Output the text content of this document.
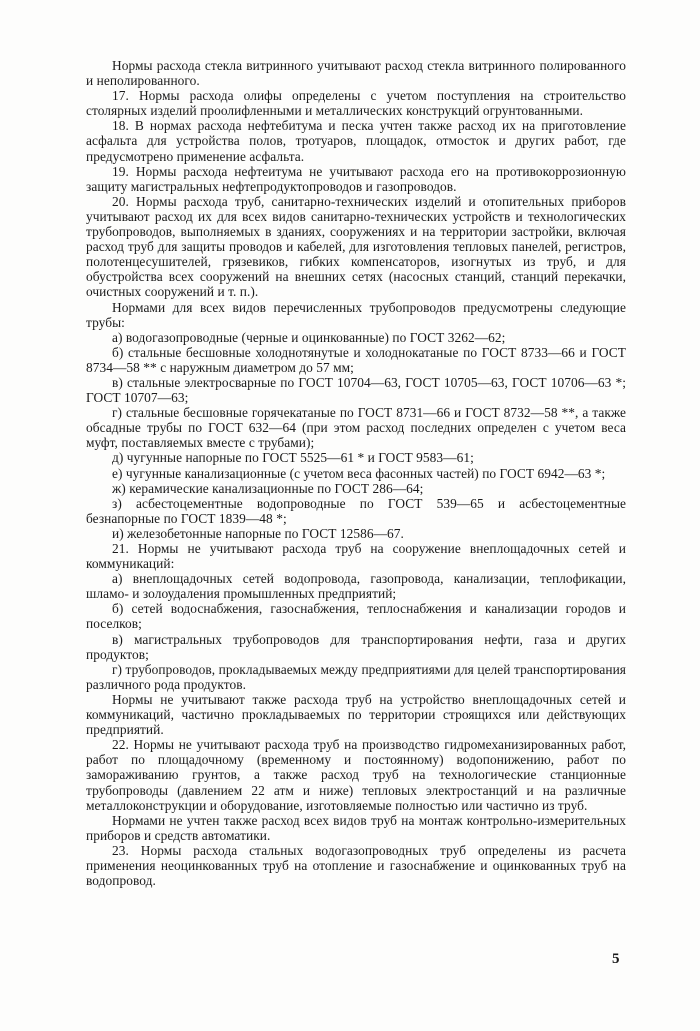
Нормы расхода стекла витринного учитывают расход стекла витринного полированного и неполированного.

17. Нормы расхода олифы определены с учетом поступления на строительство столярных изделий проолифленными и металлических конструкций огрунтованными.

18. В нормах расхода нефтебитума и песка учтен также расход их на приготовление асфальта для устройства полов, тротуаров, площадок, отмосток и других работ, где предусмотрено применение асфальта.

19. Нормы расхода нефтеитума не учитывают расхода его на противокоррозионную защиту магистральных нефтепродуктопроводов и газопроводов.

20. Нормы расхода труб, санитарно-технических изделий и отопительных приборов учитывают расход их для всех видов санитарно-технических устройств и технологических трубопроводов, выполняемых в зданиях, сооружениях и на территории застройки, включая расход труб для защиты проводов и кабелей, для изготовления тепловых панелей, регистров, полотенцесушителей, грязевиков, гибких компенсаторов, изогнутых из труб, и для обустройства всех сооружений на внешних сетях (насосных станций, станций перекачки, очистных сооружений и т. п.).

Нормами для всех видов перечисленных трубопроводов предусмотрены следующие трубы:

а) водогазопроводные (черные и оцинкованные) по ГОСТ 3262—62;

б) стальные бесшовные холоднотянутые и холоднокатаные по ГОСТ 8733—66 и ГОСТ 8734—58 ** с наружным диаметром до 57 мм;

в) стальные электросварные по ГОСТ 10704—63, ГОСТ 10705—63, ГОСТ 10706—63 *; ГОСТ 10707—63;

г) стальные бесшовные горячекатаные по ГОСТ 8731—66 и ГОСТ 8732—58 **, а также обсадные трубы по ГОСТ 632—64 (при этом расход последних определен с учетом веса муфт, поставляемых вместе с трубами);

д) чугунные напорные по ГОСТ 5525—61 * и ГОСТ 9583—61;

е) чугунные канализационные (с учетом веса фасонных частей) по ГОСТ 6942—63 *;

ж) керамические канализационные по ГОСТ 286—64;

з) асбестоцементные водопроводные по ГОСТ 539—65 и асбестоцементные безнапорные по ГОСТ 1839—48 *;

и) железобетонные напорные по ГОСТ 12586—67.

21. Нормы не учитывают расхода труб на сооружение внеплощадочных сетей и коммуникаций:

а) внеплощадочных сетей водопровода, газопровода, канализации, теплофикации, шламо- и золоудаления промышленных предприятий;

б) сетей водоснабжения, газоснабжения, теплоснабжения и канализации городов и поселков;

в) магистральных трубопроводов для транспортирования нефти, газа и других продуктов;

г) трубопроводов, прокладываемых между предприятиями для целей транспортирования различного рода продуктов.

Нормы не учитывают также расхода труб на устройство внеплощадочных сетей и коммуникаций, частично прокладываемых по территории строящихся или действующих предприятий.

22. Нормы не учитывают расхода труб на производство гидромеханизированных работ, работ по площадочному (временному и постоянному) водопонижению, работ по замораживанию грунтов, а также расход труб на технологические станционные трубопроводы (давлением 22 атм и ниже) тепловых электростанций и на различные металлоконструкции и оборудование, изготовляемые полностью или частично из труб.

Нормами не учтен также расход всех видов труб на монтаж контрольно-измерительных приборов и средств автоматики.

23. Нормы расхода стальных водогазопроводных труб определены из расчета применения неоцинкованных труб на отопление и газоснабжение и оцинкованных труб на водопровод.

5
